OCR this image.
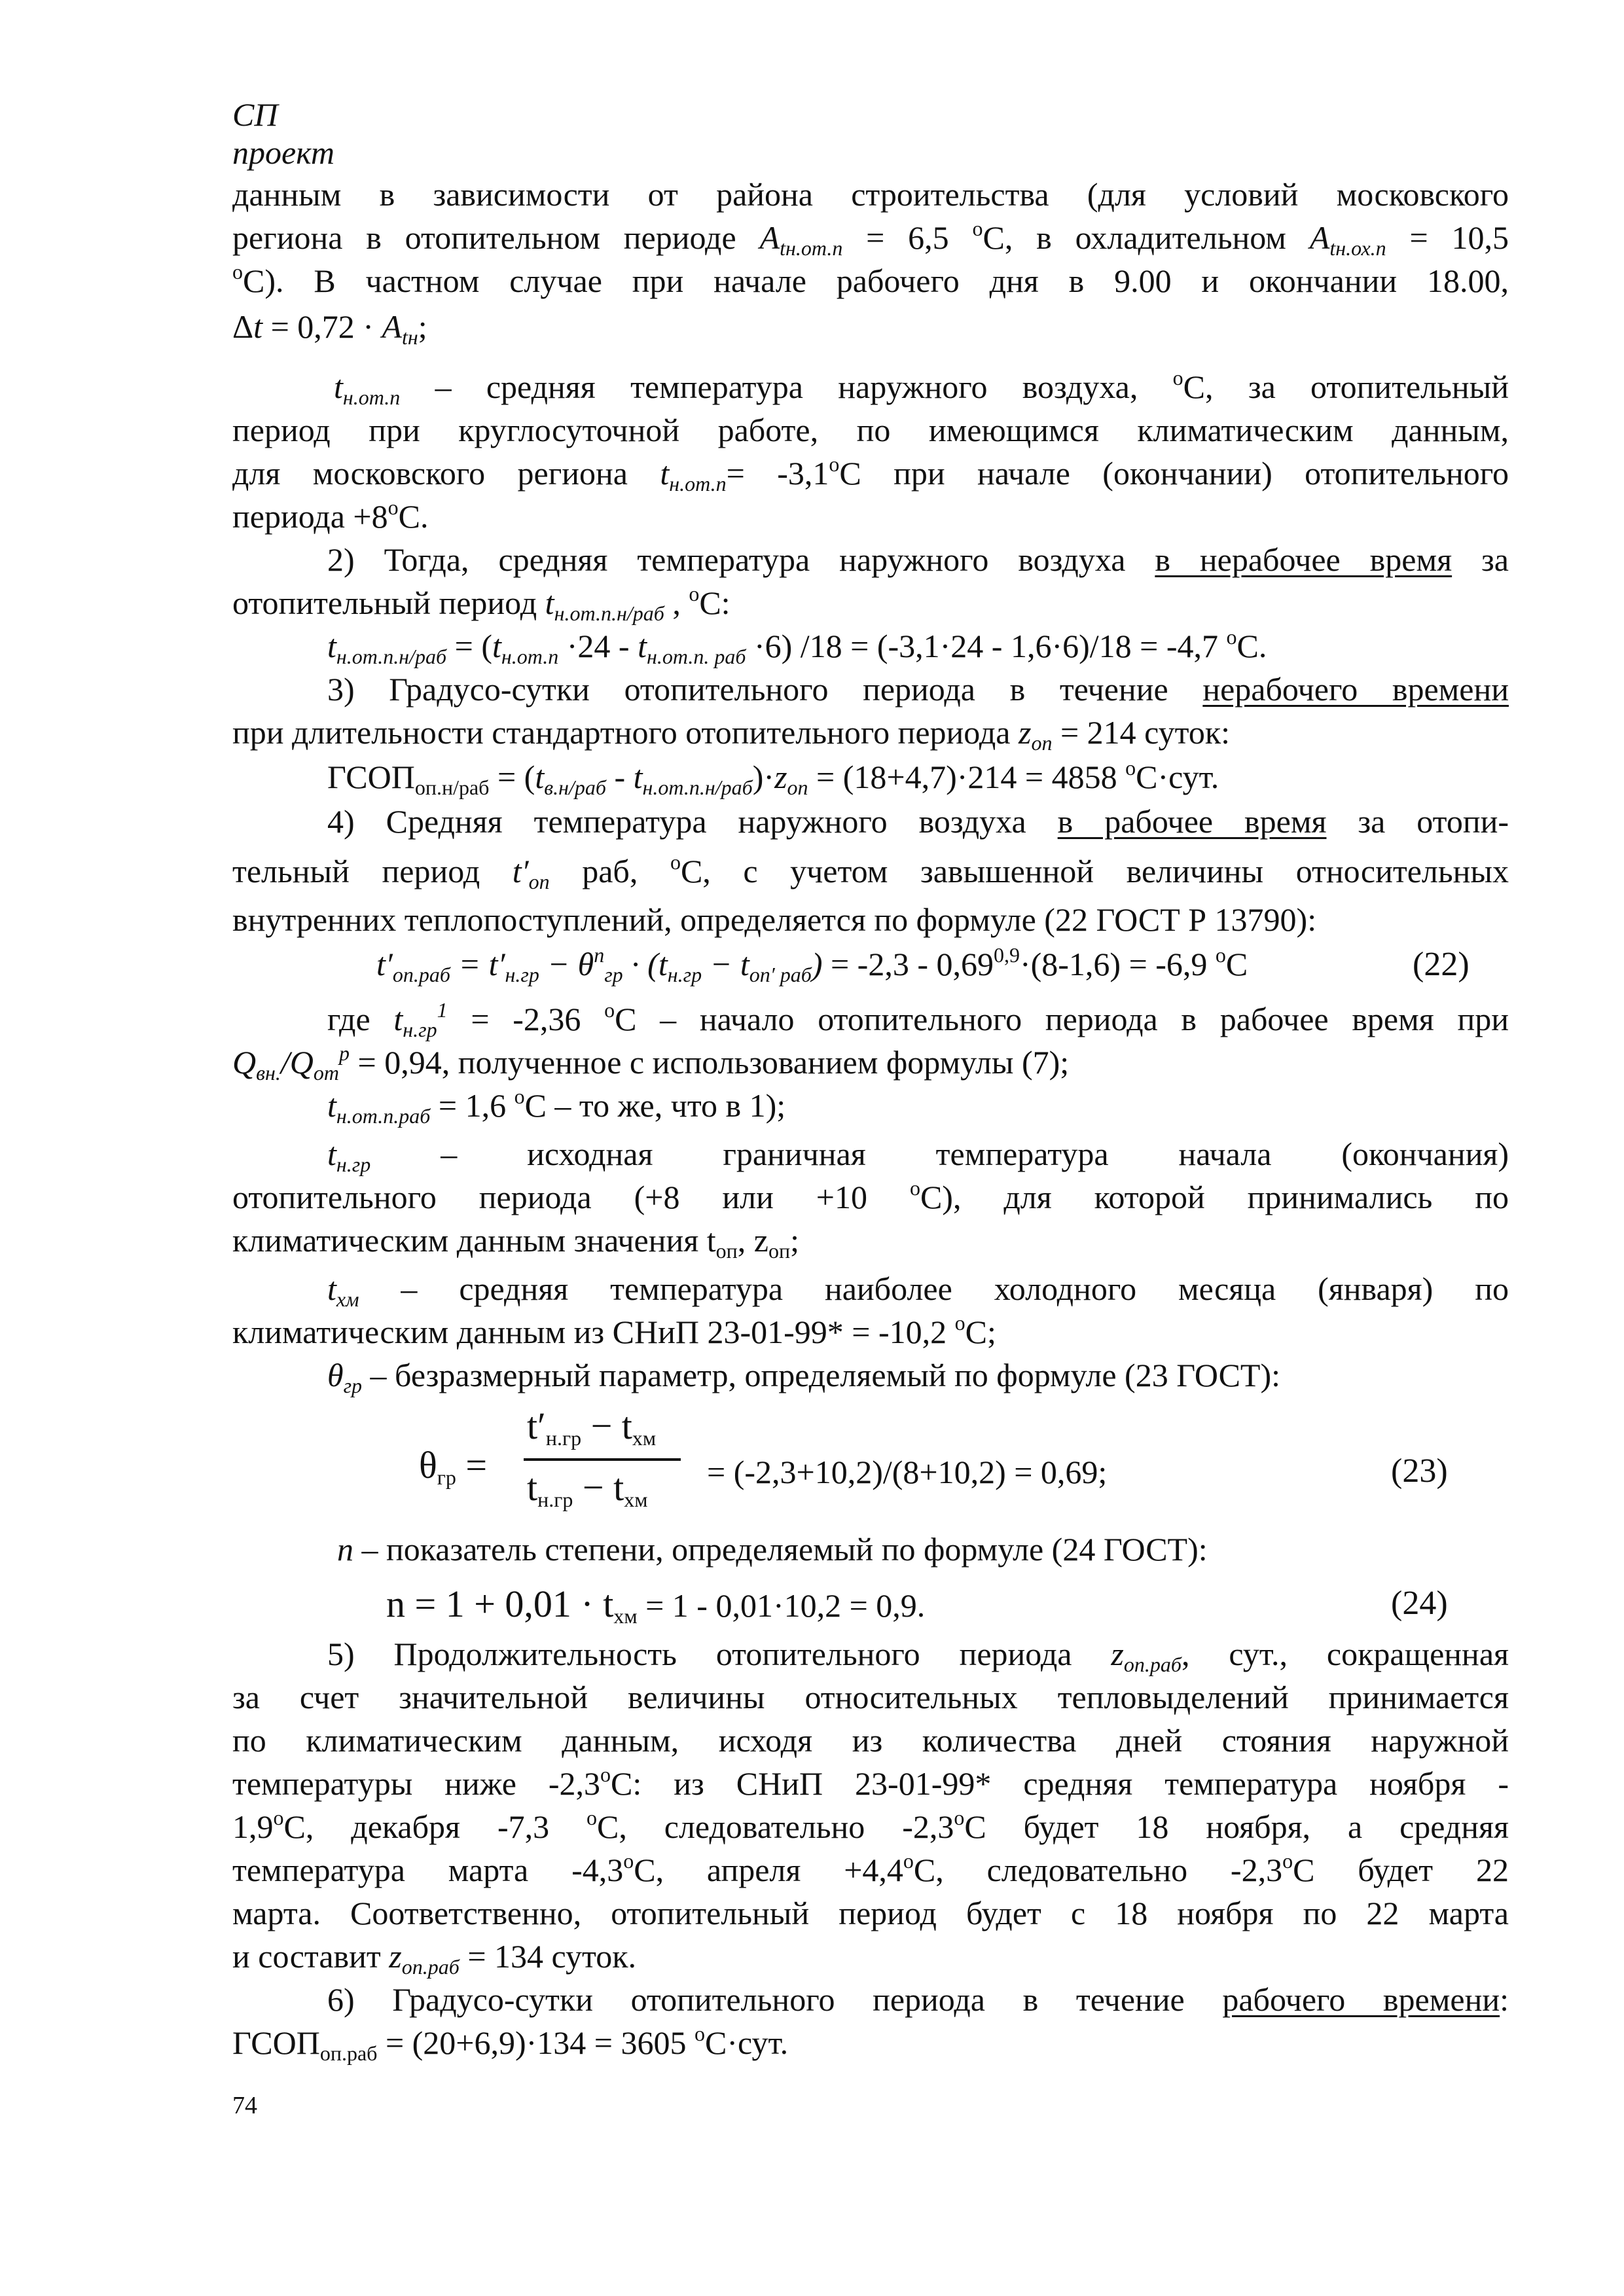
СП
проект
данным в зависимости от района строительства (для условий московского
региона в отопительном периоде $A_{tн.от.п} = 6,5$ $^o$С, в охладительном $A_{tн.ох.п} = 10,5$
$^o$С). В частном случае при начале рабочего дня в 9.00 и окончании 18.00,
$\Delta t = 0,72 \cdot A_{tн}$;
$t_{н.от.п}$ – средняя температура наружного воздуха, $^o$С, за отопительный
период при круглосуточной работе, по имеющимся климатическим данным,
для московского региона $t_{н.от.п}= -3,1^oС$ при начале (окончании) отопительного
периода $+8^oС$.
2) Тогда, средняя температура наружного воздуха в нерабочее время за
отопительный период $t_{н.от.п.н/раб}$ , $^o$С:
$t_{н.от.п.н/раб} = (t_{н.от.п} \cdot 24 - t_{н.от.п. раб} \cdot 6) /18 = (-3,1\cdot 24 - 1,6\cdot 6)/18 = -4,7$ $^o$С.
3) Градусо-сутки отопительного периода в течение нерабочего времени
при длительности стандартного отопительного периода $z_{оп} = 214$ суток:
$ГСОП_{оп.н/раб} = (t_{в.н/раб} - t_{н.от.п.н/раб})\cdot z_{оп} = (18+4,7)\cdot 214 = 4858$ $^o$С·сут.
4) Средняя температура наружного воздуха в рабочее время за отопи-
тельный период $t'_{оп}$ раб, $^o$С, с учетом завышенной величины относительных
внутренних теплопоступлений, определяется по формуле (22 ГОСТ Р 13790):
$t'_{оп.раб} = t'_{н.гр} - \theta^n_{гр} \cdot (t_{н.гр} - t_{оп' раб}) = -2,3 - 0,69^{0,9}\cdot(8-1,6) = -6,9$ $^o$С	(22)
где $t_{н.гр}^1 = -2,36$ $^o$С – начало отопительного периода в рабочее время при
$Q_{вн.}/Q_{от}^р = 0,94$, полученное с использованием формулы (7);
$t_{н.от.п.раб} = 1,6$ $^o$С – то же, что в 1);
$t_{н.гр}$ – исходная граничная температура начала (окончания)
отопительного периода (+8 или +10 $^o$С), для которой принимались по
климатическим данным значения $t_{оп}$, $z_{оп}$;
$t_{хм}$ – средняя температура наиболее холодного месяца (января) по
климатическим данным из СНиП 23-01-99* = -10,2 $^o$С;
$\theta_{гр}$ – безразмерный параметр, определяемый по формуле (23 ГОСТ):
$\theta_{гр}$ =
$t'_{н.гр} - t_{хм}$
$t_{н.гр} - t_{хм}$
= (-2,3+10,2)/(8+10,2) = 0,69;	(23)
n – показатель степени, определяемый по формуле (24 ГОСТ):
$n = 1 + 0,01 \cdot t_{хм} = 1 - 0,01\cdot 10,2 = 0,9$.	(24)
5) Продолжительность отопительного периода $z_{оп.раб}$, сут., сокращенная
за счет значительной величины относительных тепловыделений принимается
по климатическим данным, исходя из количества дней стояния наружной
температуры ниже -2,3$^o$С: из СНиП 23-01-99* средняя температура ноября -
1,9$^o$С, декабря -7,3 $^o$С, следовательно -2,3$^o$С будет 18 ноября, а средняя
температура марта -4,3$^o$С, апреля $+4,4^oС$, следовательно -2,3$^o$С будет 22
марта. Соответственно, отопительный период будет с 18 ноября по 22 марта
и составит $z_{оп.раб} = 134$ суток.
6) Градусо-сутки отопительного периода в течение рабочего времени:
$ГСОП_{оп.раб} = (20+6,9)\cdot 134 = 3605$ $^o$С·сут.
74
